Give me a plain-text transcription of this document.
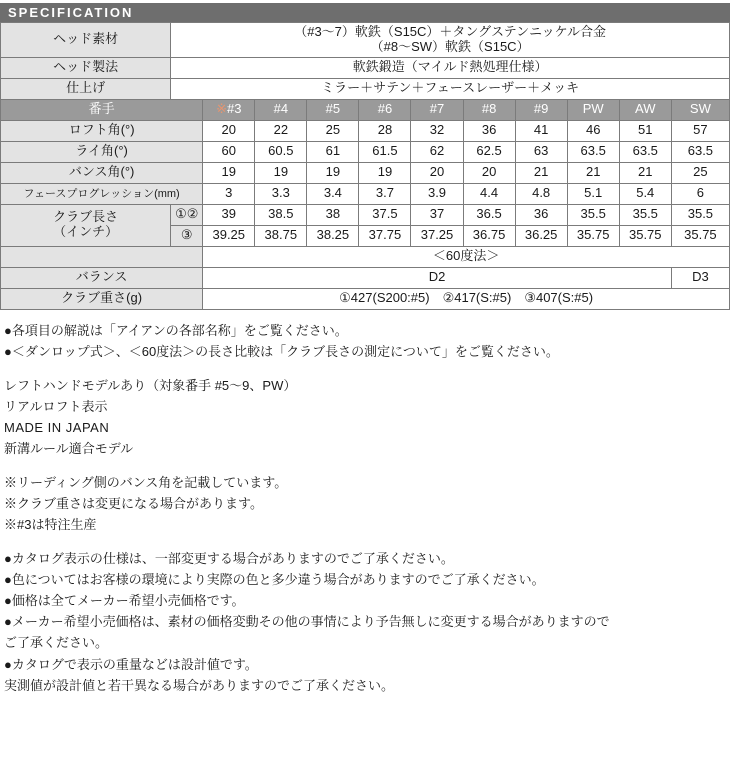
SPECIFICATION
ヘッド素材	（#3〜7）軟鉄（S15C）＋タングステンニッケル合金
（#8〜SW）軟鉄（S15C）										

ヘッド製法	軟鉄鍛造（マイルド熱処理仕様）										
仕上げ	ミラー＋サテン＋フェースレーザー＋メッキ										
番手		※#3	#4	#5	#6	#7	#8	#9	PW	AW	SW
ロフト角(°)		20	22	25	28	32	36	41	46	51	57
ライ角(°)		60	60.5	61	61.5	62	62.5	63	63.5	63.5	63.5
バンス角(°)		19	19	19	19	20	20	21	21	21	25
フェースプログレッション(mm)		3	3.3	3.4	3.7	3.9	4.4	4.8	5.1	5.4	6

クラブ長さ
（インチ）	①②	39	38.5	38	37.5	37	36.5	36	35.5	35.5	35.5
	③	39.25	38.75	38.25	37.75	37.25	36.75	36.25	35.75	35.75	35.75
		＜60度法＞									
バランス		D2									D3
クラブ重さ(g)		①427(S200:#5)　②417(S:#5)　③407(S:#5)									

●各項目の解説は「アイアンの各部名称」をご覧ください。

●＜ダンロップ式＞、＜60度法＞の長さ比較は「クラブ長さの測定について」をご覧ください。

レフトハンドモデルあり（対象番手 #5〜9、PW）

リアルロフト表示

MADE IN JAPAN

新溝ルール適合モデル

※リーディング側のバンス角を記載しています。

※クラブ重さは変更になる場合があります。

※#3は特注生産

●カタログ表示の仕様は、一部変更する場合がありますのでご了承ください。

●色についてはお客様の環境により実際の色と多少違う場合がありますのでご了承ください。

●価格は全てメーカー希望小売価格です。

●メーカー希望小売価格は、素材の価格変動その他の事情により予告無しに変更する場合がありますので

ご了承ください。

●カタログで表示の重量などは設計値です。

実測値が設計値と若干異なる場合がありますのでご了承ください。
